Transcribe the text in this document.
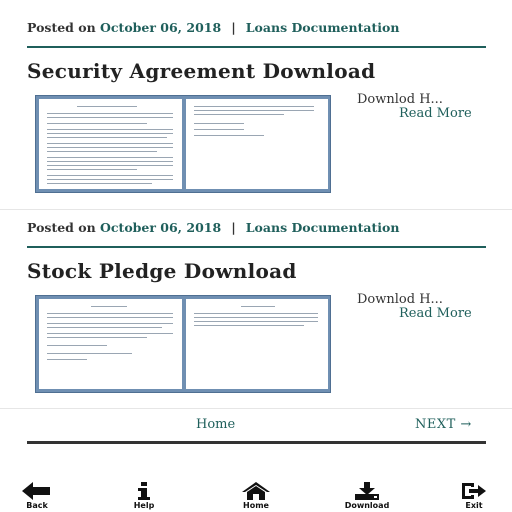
Posted on October 06, 2018 | Loans Documentation
Security Agreement Download
Downlod H...
Read More
Posted on October 06, 2018 | Loans Documentation
Stock Pledge Download
Downlod H...
Read More
Home	NEXT →
Back	Help	Home	Download	Exit
